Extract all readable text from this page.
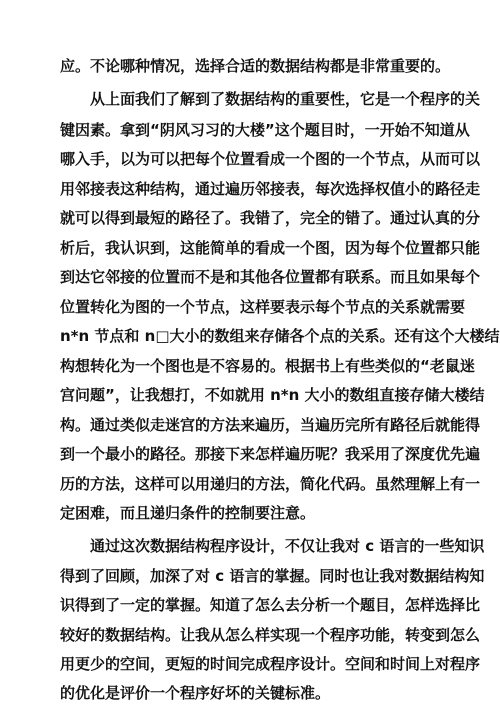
应。不论哪种情况，选择合适的数据结构都是非常重要的。
从上面我们了解到了数据结构的重要性，它是一个程序的关
键因素。拿到“阴风习习的大楼”这个题目时，一开始不知道从
哪入手，以为可以把每个位置看成一个图的一个节点，从而可以
用邻接表这种结构，通过遍历邻接表，每次选择权值小的路径走
就可以得到最短的路径了。我错了，完全的错了。通过认真的分
析后，我认识到，这能简单的看成一个图，因为每个位置都只能
到达它邻接的位置而不是和其他各位置都有联系。而且如果每个
位置转化为图的一个节点，这样要表示每个节点的关系就需要
n*n 节点和 n□大小的数组来存储各个点的关系。还有这个大楼结
构想转化为一个图也是不容易的。根据书上有些类似的“老鼠迷
宫问题”，让我想打，不如就用 n*n 大小的数组直接存储大楼结
构。通过类似走迷宫的方法来遍历，当遍历完所有路径后就能得
到一个最小的路径。那接下来怎样遍历呢？我采用了深度优先遍
历的方法，这样可以用递归的方法，简化代码。虽然理解上有一
定困难，而且递归条件的控制要注意。
通过这次数据结构程序设计，不仅让我对 c 语言的一些知识
得到了回顾，加深了对 c 语言的掌握。同时也让我对数据结构知
识得到了一定的掌握。知道了怎么去分析一个题目，怎样选择比
较好的数据结构。让我从怎么样实现一个程序功能，转变到怎么
用更少的空间，更短的时间完成程序设计。空间和时间上对程序
的优化是评价一个程序好坏的关键标准。
